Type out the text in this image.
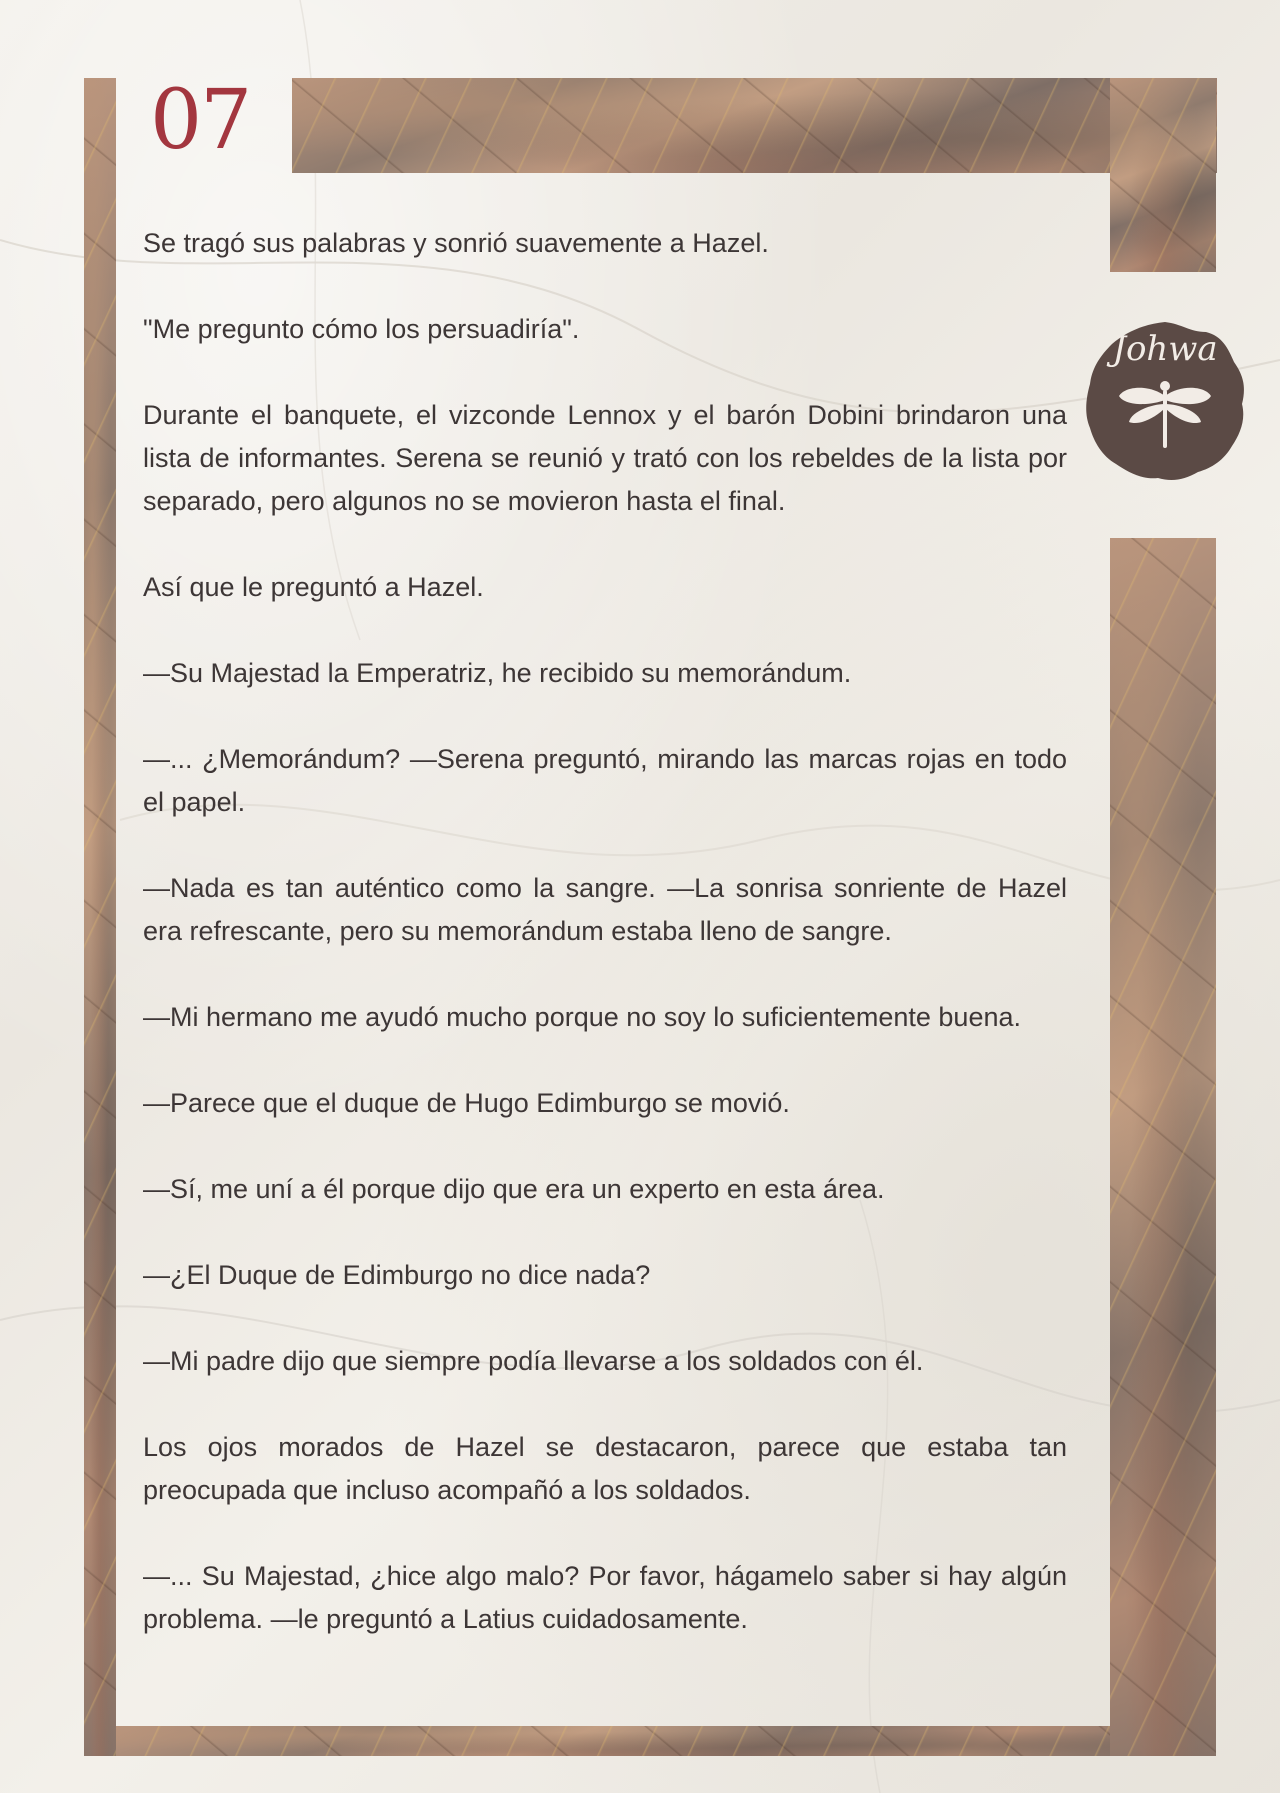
07
Johwa

Se tragó sus palabras y sonrió suavemente a Hazel.

"Me pregunto cómo los persuadiría".

Durante el banquete, el vizconde Lennox y el barón Dobini brindaron una lista de informantes. Serena se reunió y trató con los rebeldes de la lista por separado, pero algunos no se movieron hasta el final.

Así que le preguntó a Hazel.

—Su Majestad la Emperatriz, he recibido su memorándum.

—... ¿Memorándum? —Serena preguntó, mirando las marcas rojas en todo el papel.

—Nada es tan auténtico como la sangre. —La sonrisa sonriente de Hazel era refrescante, pero su memorándum estaba lleno de sangre.

—Mi hermano me ayudó mucho porque no soy lo suficientemente buena.

—Parece que el duque de Hugo Edimburgo se movió.

—Sí, me uní a él porque dijo que era un experto en esta área.

—¿El Duque de Edimburgo no dice nada?

—Mi padre dijo que siempre podía llevarse a los soldados con él.

Los ojos morados de Hazel se destacaron, parece que estaba tan preocupada que incluso acompañó a los soldados.

—... Su Majestad, ¿hice algo malo? Por favor, hágamelo saber si hay algún problema. —le preguntó a Latius cuidadosamente.
